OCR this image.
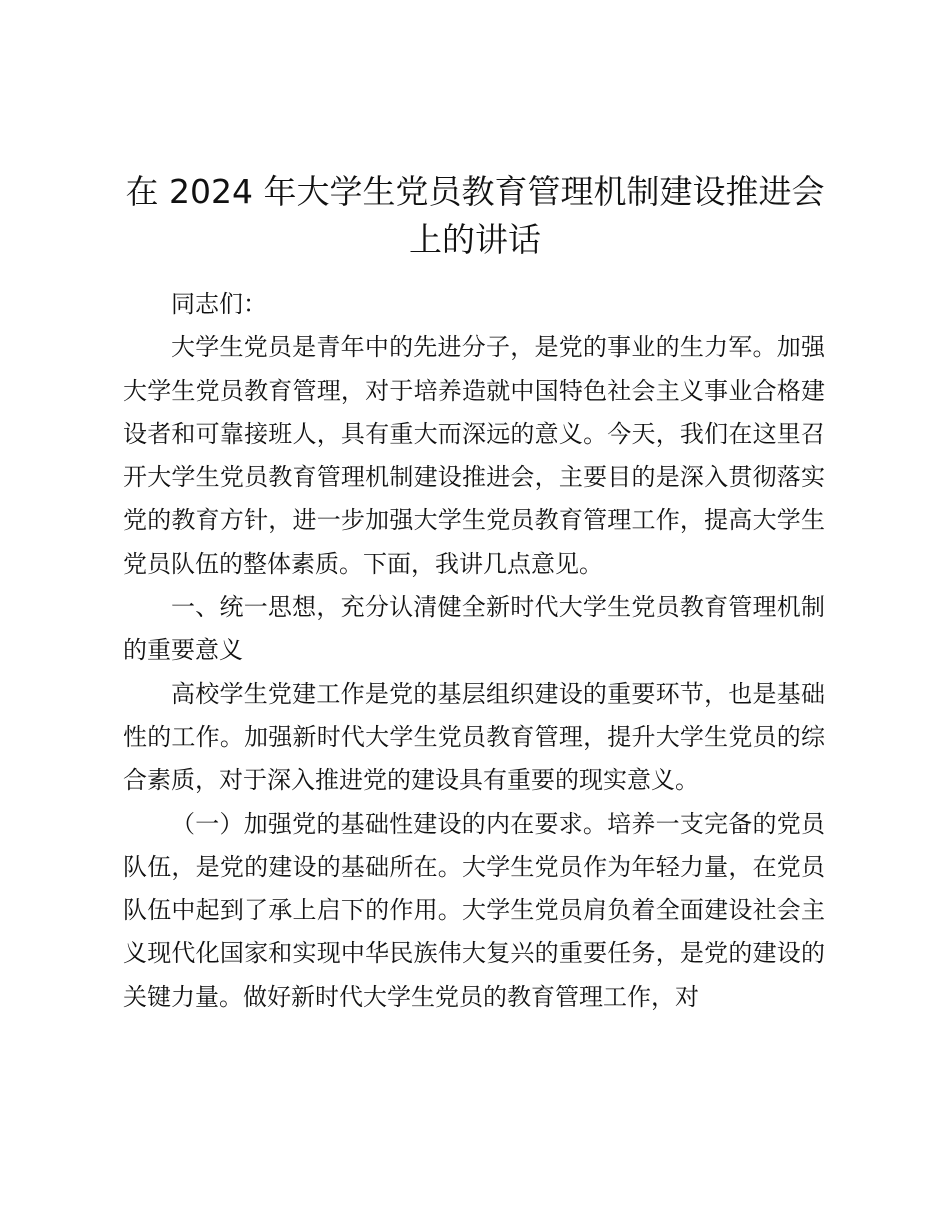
在 2024 年大学生党员教育管理机制建设推进会上的讲话

同志们：

大学生党员是青年中的先进分子，是党的事业的生力军。加强大学生党员教育管理，对于培养造就中国特色社会主义事业合格建设者和可靠接班人，具有重大而深远的意义。今天，我们在这里召开大学生党员教育管理机制建设推进会，主要目的是深入贯彻落实党的教育方针，进一步加强大学生党员教育管理工作，提高大学生党员队伍的整体素质。下面，我讲几点意见。

一、统一思想，充分认清健全新时代大学生党员教育管理机制的重要意义

高校学生党建工作是党的基层组织建设的重要环节，也是基础性的工作。加强新时代大学生党员教育管理，提升大学生党员的综合素质，对于深入推进党的建设具有重要的现实意义。

（一）加强党的基础性建设的内在要求。培养一支完备的党员队伍，是党的建设的基础所在。大学生党员作为年轻力量，在党员队伍中起到了承上启下的作用。大学生党员肩负着全面建设社会主义现代化国家和实现中华民族伟大复兴的重要任务，是党的建设的关键力量。做好新时代大学生党员的教育管理工作，对
